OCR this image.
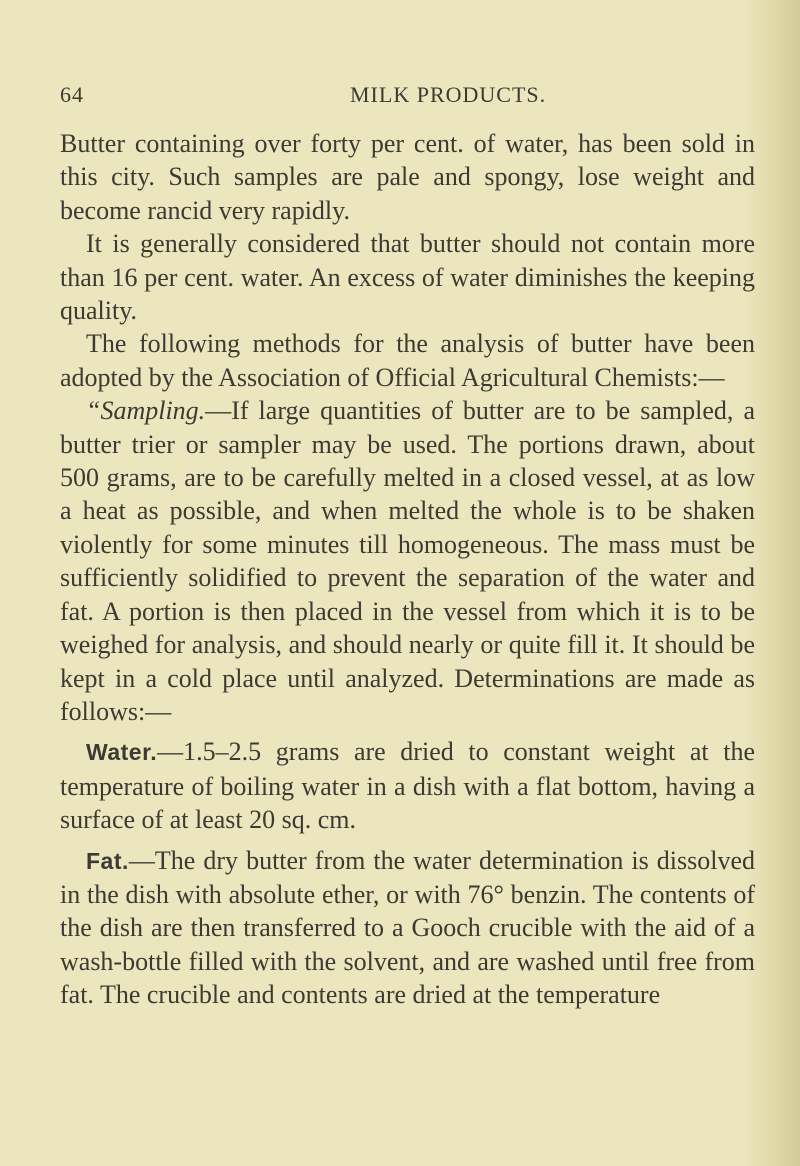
64	MILK PRODUCTS.

Butter containing over forty per cent. of water, has been sold in this city. Such samples are pale and spongy, lose weight and become rancid very rapidly.

It is generally considered that butter should not contain more than 16 per cent. water. An excess of water diminishes the keeping quality.

The following methods for the analysis of butter have been adopted by the Association of Official Agricultural Chemists:—

“Sampling.—If large quantities of butter are to be sampled, a butter trier or sampler may be used. The portions drawn, about 500 grams, are to be carefully melted in a closed vessel, at as low a heat as possible, and when melted the whole is to be shaken violently for some minutes till homogeneous. The mass must be sufficiently solidified to prevent the separation of the water and fat. A portion is then placed in the vessel from which it is to be weighed for analysis, and should nearly or quite fill it. It should be kept in a cold place until analyzed. Determinations are made as follows:—

Water.—1.5–2.5 grams are dried to constant weight at the temperature of boiling water in a dish with a flat bottom, having a surface of at least 20 sq. cm.

Fat.—The dry butter from the water determination is dissolved in the dish with absolute ether, or with 76° benzin. The contents of the dish are then transferred to a Gooch crucible with the aid of a wash-bottle filled with the solvent, and are washed until free from fat. The crucible and contents are dried at the temperature
